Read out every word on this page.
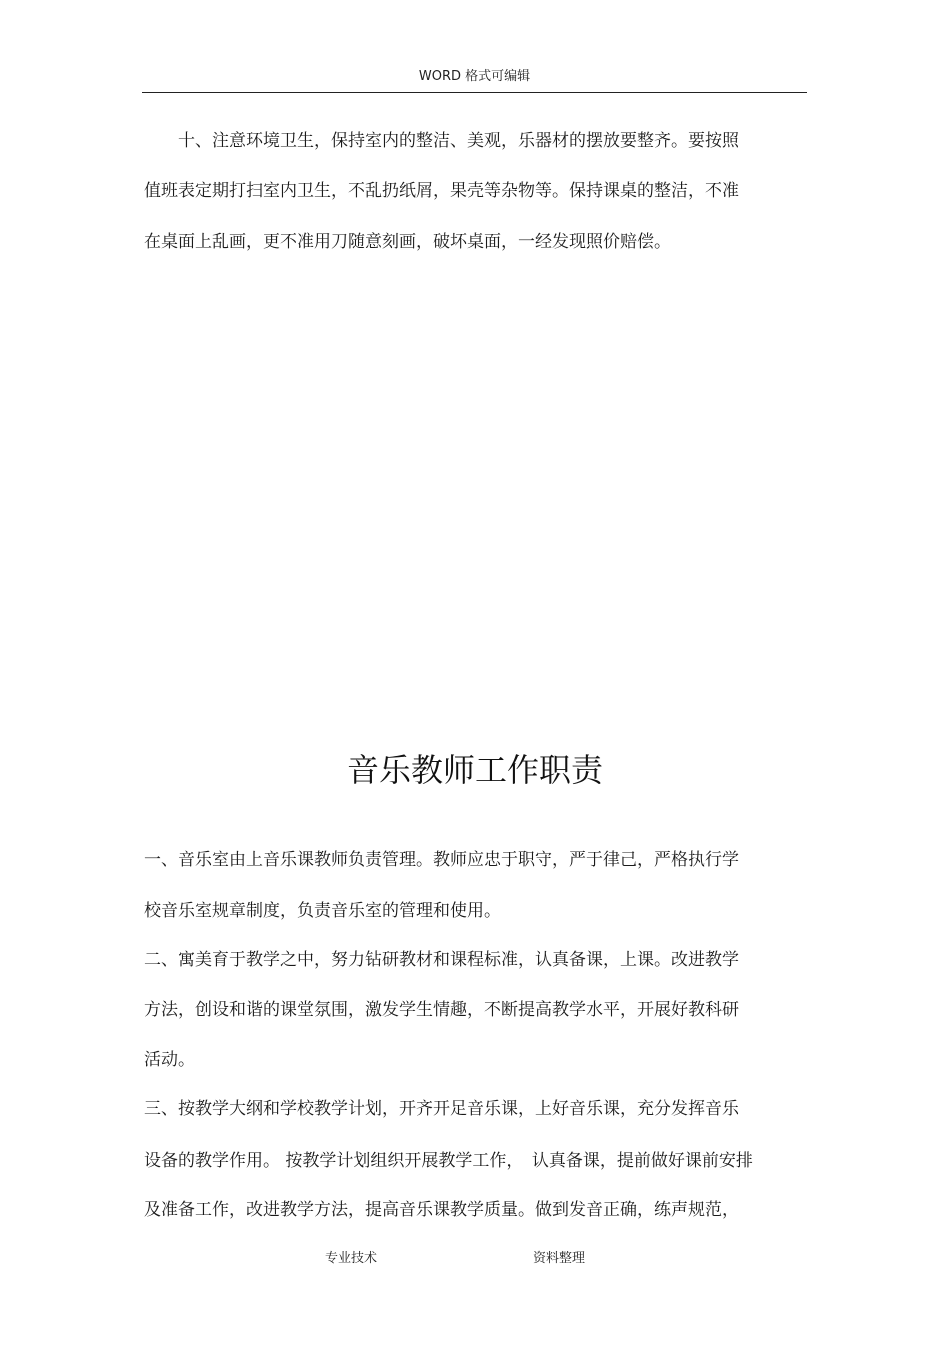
WORD 格式可编辑
　　十、注意环境卫生，保持室内的整洁、美观，乐器材的摆放要整齐。要按照
值班表定期打扫室内卫生，不乱扔纸屑，果壳等杂物等。保持课桌的整洁，不准
在桌面上乱画，更不准用刀随意刻画，破坏桌面，一经发现照价赔偿。
音乐教师工作职责
一、音乐室由上音乐课教师负责管理。教师应忠于职守，严于律己，严格执行学
校音乐室规章制度，负责音乐室的管理和使用。
二、寓美育于教学之中，努力钻研教材和课程标准，认真备课，上课。改进教学
方法，创设和谐的课堂氛围，激发学生情趣，不断提高教学水平，开展好教科研
活动。
三、按教学大纲和学校教学计划，开齐开足音乐课，上好音乐课，充分发挥音乐
设备的教学作用。 按教学计划组织开展教学工作，　认真备课，提前做好课前安排
及准备工作，改进教学方法，提高音乐课教学质量。做到发音正确，练声规范，
专业技术	资料整理
